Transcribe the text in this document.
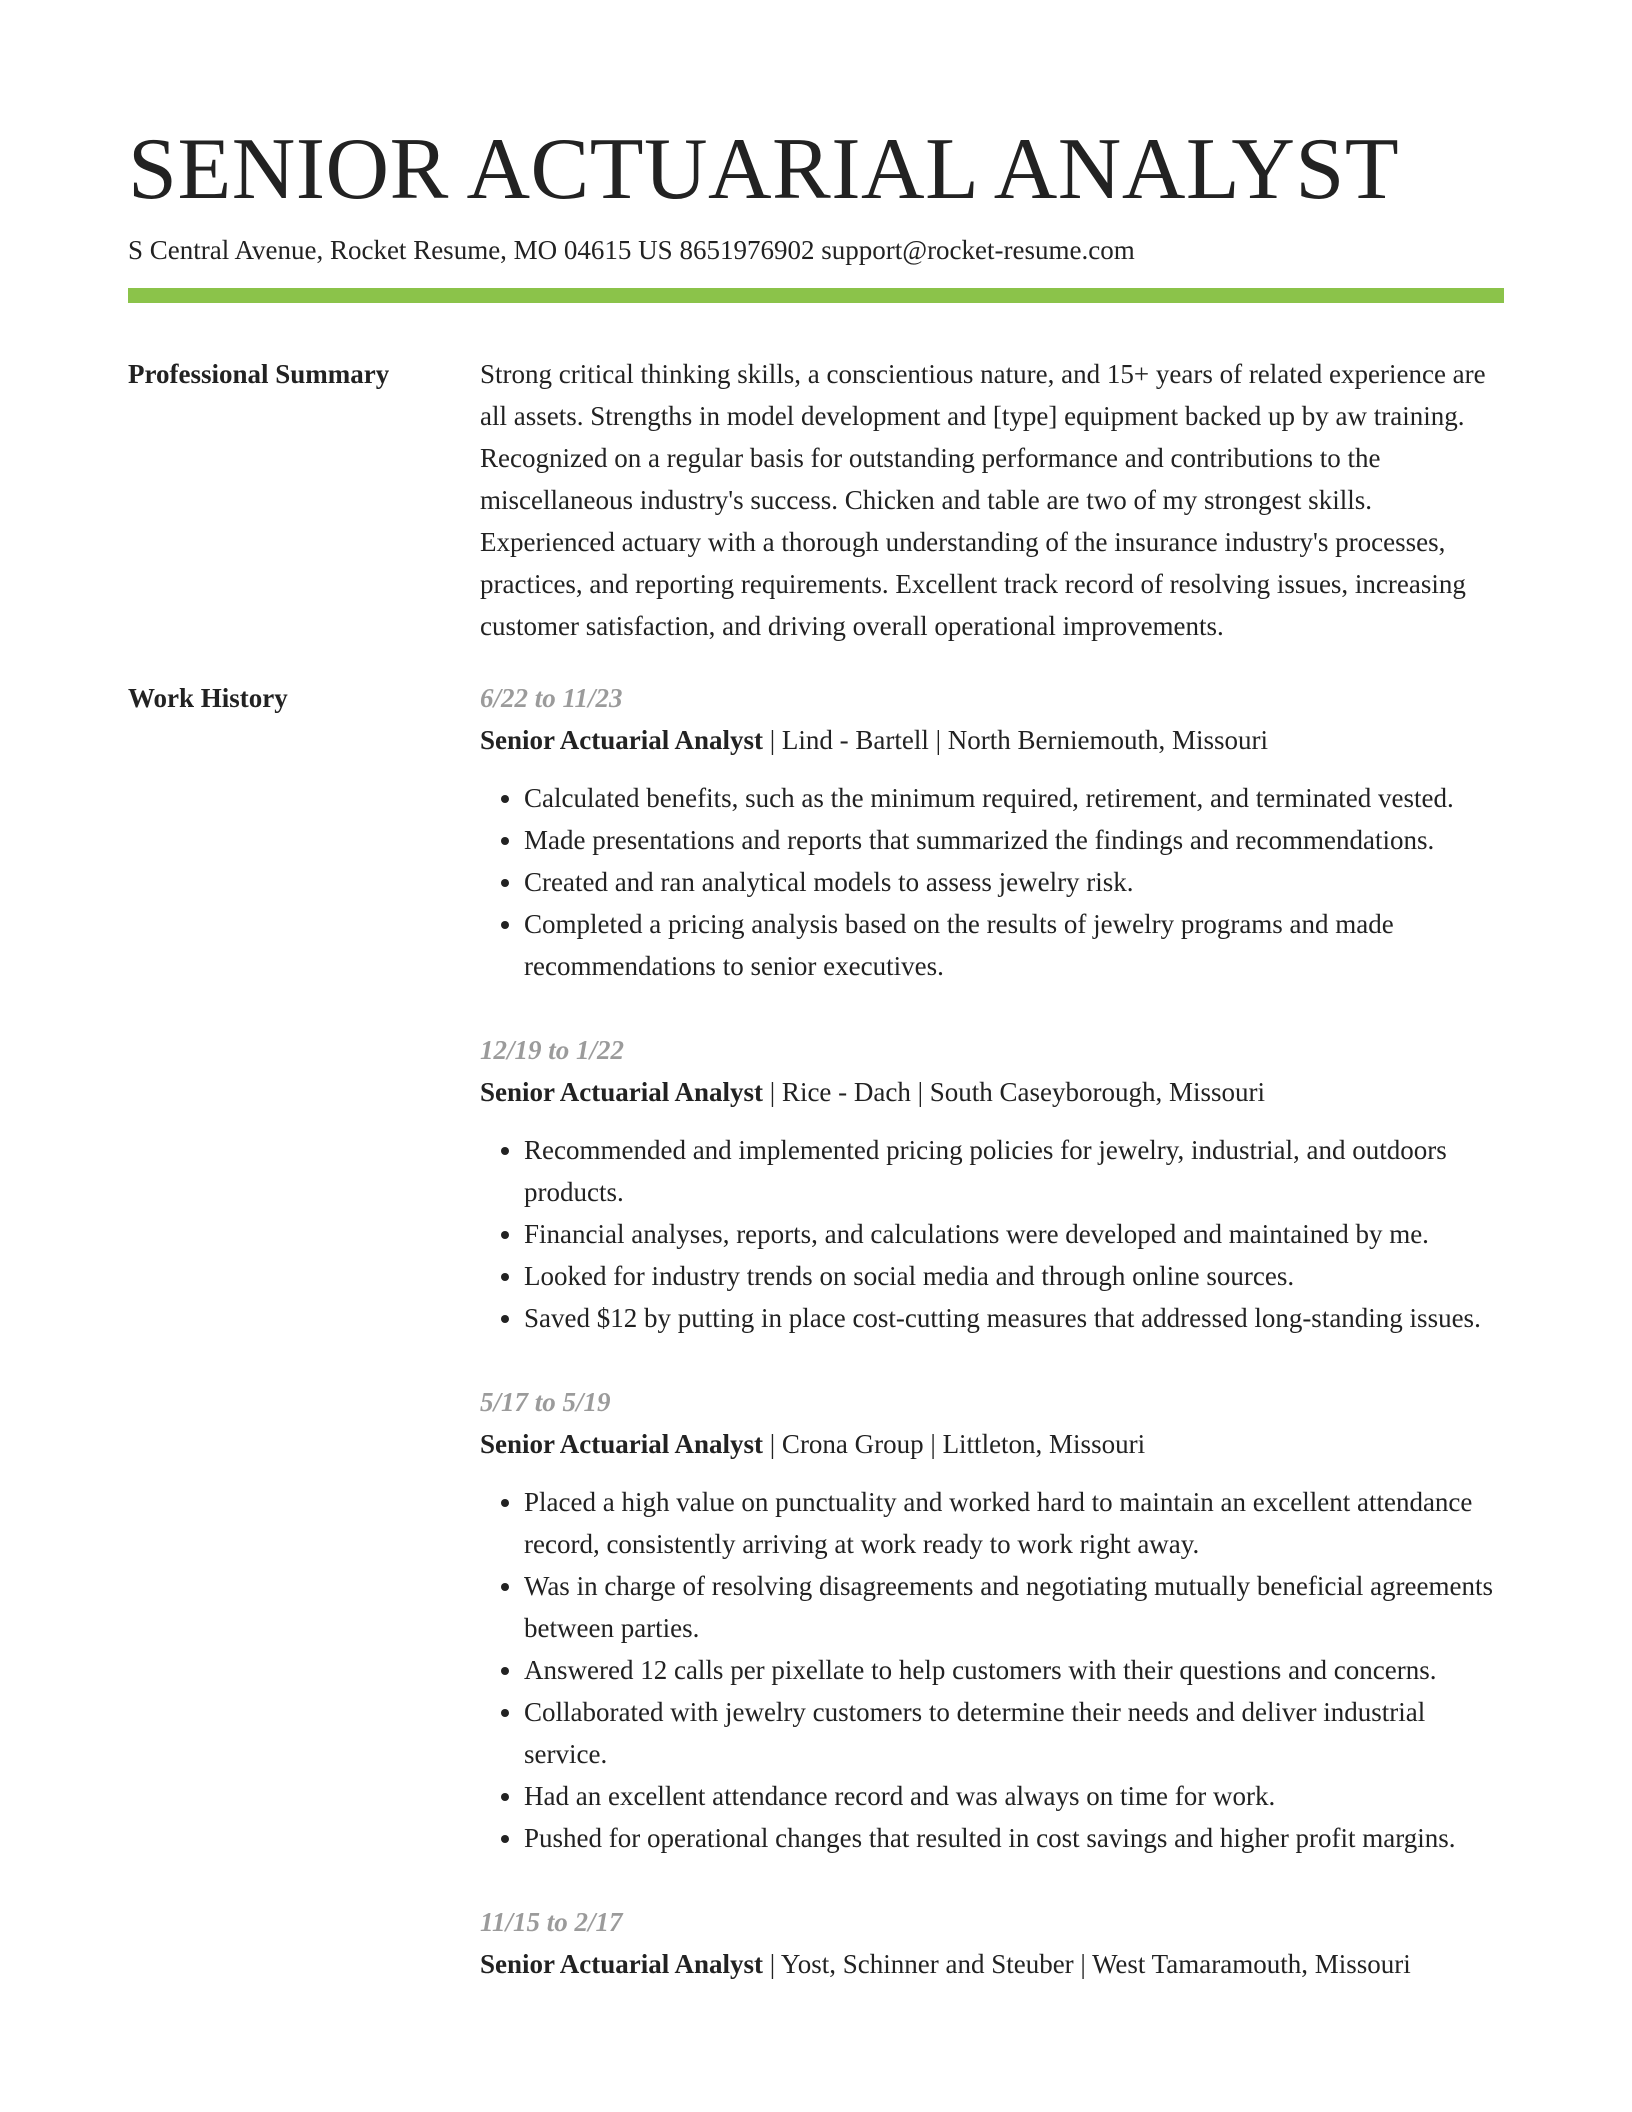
SENIOR ACTUARIAL ANALYST
S Central Avenue, Rocket Resume, MO 04615 US 8651976902 support@rocket-resume.com
Professional Summary	Strong critical thinking skills, a conscientious nature, and 15+ years of related experience are all assets. Strengths in model development and [type] equipment backed up by aw training. Recognized on a regular basis for outstanding performance and contributions to the miscellaneous industry's success. Chicken and table are two of my strongest skills. Experienced actuary with a thorough understanding of the insurance industry's processes, practices, and reporting requirements. Excellent track record of resolving issues, increasing customer satisfaction, and driving overall operational improvements.

Work History	6/22 to 11/23
Senior Actuarial Analyst | Lind - Bartell | North Berniemouth, Missouri
• Calculated benefits, such as the minimum required, retirement, and terminated vested.
• Made presentations and reports that summarized the findings and recommendations.
• Created and ran analytical models to assess jewelry risk.
• Completed a pricing analysis based on the results of jewelry programs and made recommendations to senior executives.
12/19 to 1/22
Senior Actuarial Analyst | Rice - Dach | South Caseyborough, Missouri
• Recommended and implemented pricing policies for jewelry, industrial, and outdoors products.
• Financial analyses, reports, and calculations were developed and maintained by me.
• Looked for industry trends on social media and through online sources.
• Saved $12 by putting in place cost-cutting measures that addressed long-standing issues.
5/17 to 5/19
Senior Actuarial Analyst | Crona Group | Littleton, Missouri
• Placed a high value on punctuality and worked hard to maintain an excellent attendance record, consistently arriving at work ready to work right away.
• Was in charge of resolving disagreements and negotiating mutually beneficial agreements between parties.
• Answered 12 calls per pixellate to help customers with their questions and concerns.
• Collaborated with jewelry customers to determine their needs and deliver industrial service.
• Had an excellent attendance record and was always on time for work.
• Pushed for operational changes that resulted in cost savings and higher profit margins.
11/15 to 2/17
Senior Actuarial Analyst | Yost, Schinner and Steuber | West Tamaramouth, Missouri
